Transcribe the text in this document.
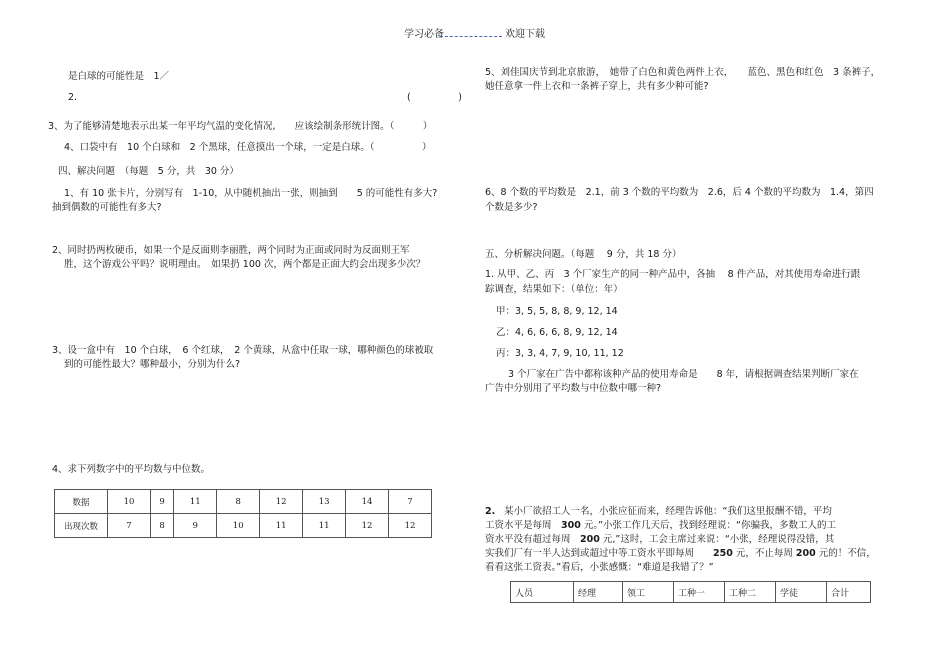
学习必备	欢迎下载
是白球的可能性是　1／
2.	(　　　　　)
3、为了能够清楚地表示出某一年平均气温的变化情况,　　应该绘制条形统计图。（　　　）
4、口袋中有　10 个白球和　2 个黑球，任意摸出一个球，一定是白球。（　　　　　）
四、解决问题　（每题　5 分，共　30 分）
1、有 10 张卡片，分别写有　1-10，从中随机抽出一张，则抽到　　5 的可能性有多大?
抽到偶数的可能性有多大?
2、同时扔两枚硬币，如果一个是反面则李丽胜，两个同时为正面或同时为反面则王军
胜，这个游戏公平吗？说明理由。　如果扔 100 次，两个都是正面大约会出现多少次？
3、设一盒中有　10 个白球，　6 个红球，　2 个黄球，从盒中任取一球，哪种颜色的球被取
到的可能性最大？哪种最小，分别为什么?
4、求下列数字中的平均数与中位数。
数据	10	9	11	8	12	13	14	7
出现次数	7	8	9	10	11	11	12	12
5、刘佳国庆节到北京旅游，　她带了白色和黄色两件上衣，　　蓝色、黑色和红色　3 条裤子，
她任意拿一件上衣和一条裤子穿上，共有多少种可能?
6、8 个数的平均数是　2.1，前 3 个数的平均数为　2.6，后 4 个数的平均数为　1.4，第四
个数是多少?
五、分析解决问题。（每题　 9 分，共 18 分）
1. 从甲、乙、丙　3 个厂家生产的同一种产品中，各抽　 8 件产品，对其使用寿命进行跟
踪调查，结果如下：（单位：年）
甲：3, 5, 5, 8, 8, 9, 12, 14
乙：4, 6, 6, 6, 8, 9, 12, 14
丙：3, 3, 4, 7, 9, 10, 11, 12
3 个厂家在广告中都称该种产品的使用寿命是　　8 年，请根据调查结果判断厂家在
广告中分别用了平均数与中位数中哪一种?
2. 某小厂欲招工人一名，小张应征而来，经理告诉他：“我们这里报酬不错，平均
工资水平是每周　300 元。”小张工作几天后，找到经理说：“你骗我，多数工人的工
资水平没有超过每周　200 元,”这时，工会主席过来说：“小张，经理说得没错，其
实我们厂有一半人达到或超过中等工资水平即每周　　250 元，不止每周 200 元的！不信，
看看这张工资表。”看后，小张感慨：“难道是我错了？”
人员	经理	领工	工种一	工种二	学徒	合计
